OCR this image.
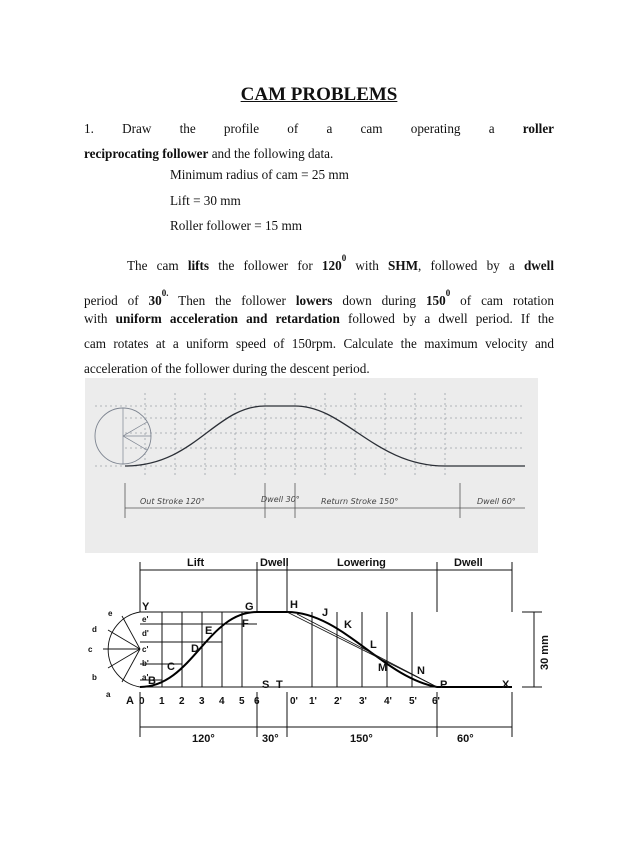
CAM PROBLEMS
1. Draw the profile of a cam operating a roller
reciprocating follower and the following data.
Minimum radius of cam = 25 mm
Lift = 30 mm
Roller follower = 15 mm
The cam lifts the follower for $120^0$ with SHM, followed by a dwell
period of $30^{0.}$ Then the follower lowers down during $150^0$ of cam rotation
with uniform acceleration and retardation followed by a dwell period. If the
cam rotates at a uniform speed of 150rpm. Calculate the maximum velocity and
acceleration of the follower during the descent period.
Out Stroke 120°	Dwell 30°	Return Stroke 150°	Dwell 60°
Lift	Dwell	Lowering	Dwell
120°	30°	150°	60°
Y	G	H
J
K
L
M	N
E
F
D
C
B
A
P	X
S T
0 1 2 3 4 5 6	0' 1' 2' 3' 4' 5' 6'
a
b
c
d
e
a'
b'
c'
d'
e'
30 mm
